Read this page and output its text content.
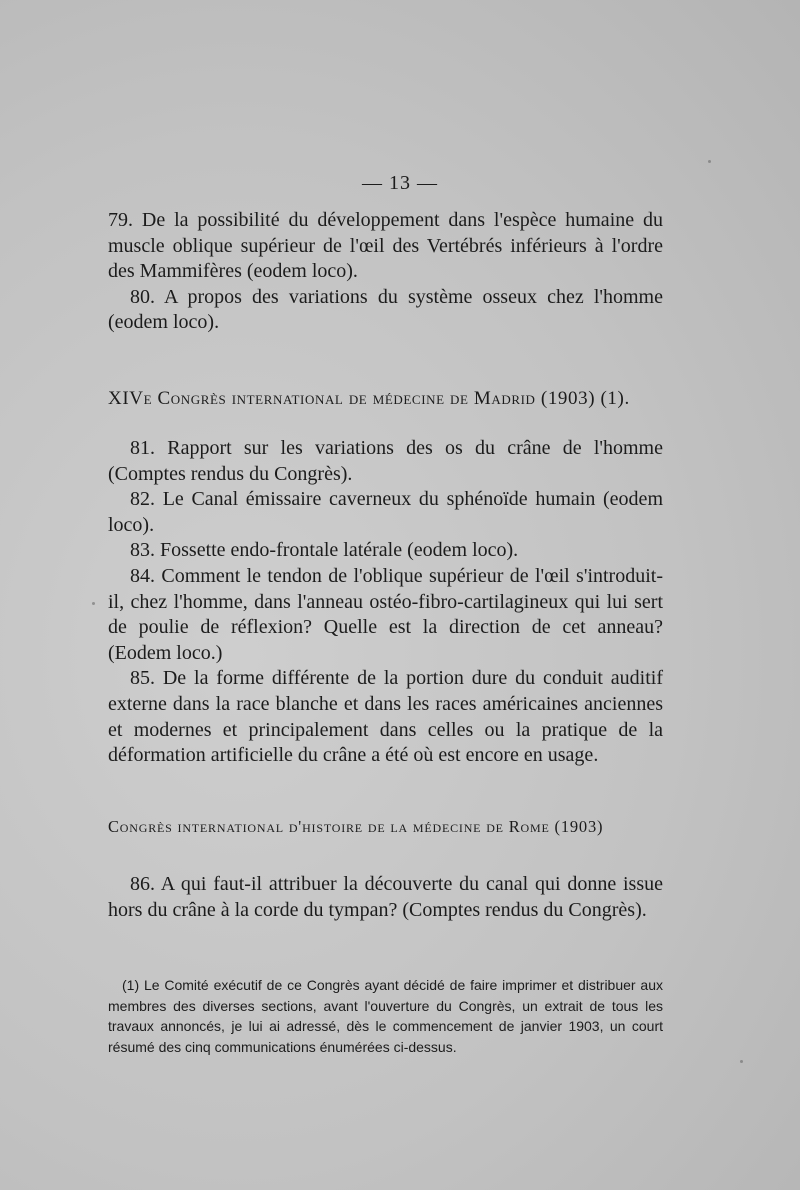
— 13 —

79. De la possibilité du développement dans l'espèce humaine du muscle oblique supérieur de l'œil des Vertébrés inférieurs à l'ordre des Mammifères (eodem loco).

80. A propos des variations du système osseux chez l'homme (eodem loco).

XIVe Congrès international de médecine de Madrid (1903) (1).

81. Rapport sur les variations des os du crâne de l'homme (Comptes rendus du Congrès).

82. Le Canal émissaire caverneux du sphénoïde humain (eodem loco).

83. Fossette endo-frontale latérale (eodem loco).

84. Comment le tendon de l'oblique supérieur de l'œil s'introduit-il, chez l'homme, dans l'anneau ostéo-fibro-cartilagineux qui lui sert de poulie de réflexion? Quelle est la direction de cet anneau? (Eodem loco.)

85. De la forme différente de la portion dure du conduit auditif externe dans la race blanche et dans les races américaines anciennes et modernes et principalement dans celles ou la pratique de la déformation artificielle du crâne a été où est encore en usage.

Congrès international d'histoire de la médecine de Rome (1903)

86. A qui faut-il attribuer la découverte du canal qui donne issue hors du crâne à la corde du tympan? (Comptes rendus du Congrès).

(1) Le Comité exécutif de ce Congrès ayant décidé de faire imprimer et distribuer aux membres des diverses sections, avant l'ouverture du Congrès, un extrait de tous les travaux annoncés, je lui ai adressé, dès le commencement de janvier 1903, un court résumé des cinq communications énumérées ci-dessus.
